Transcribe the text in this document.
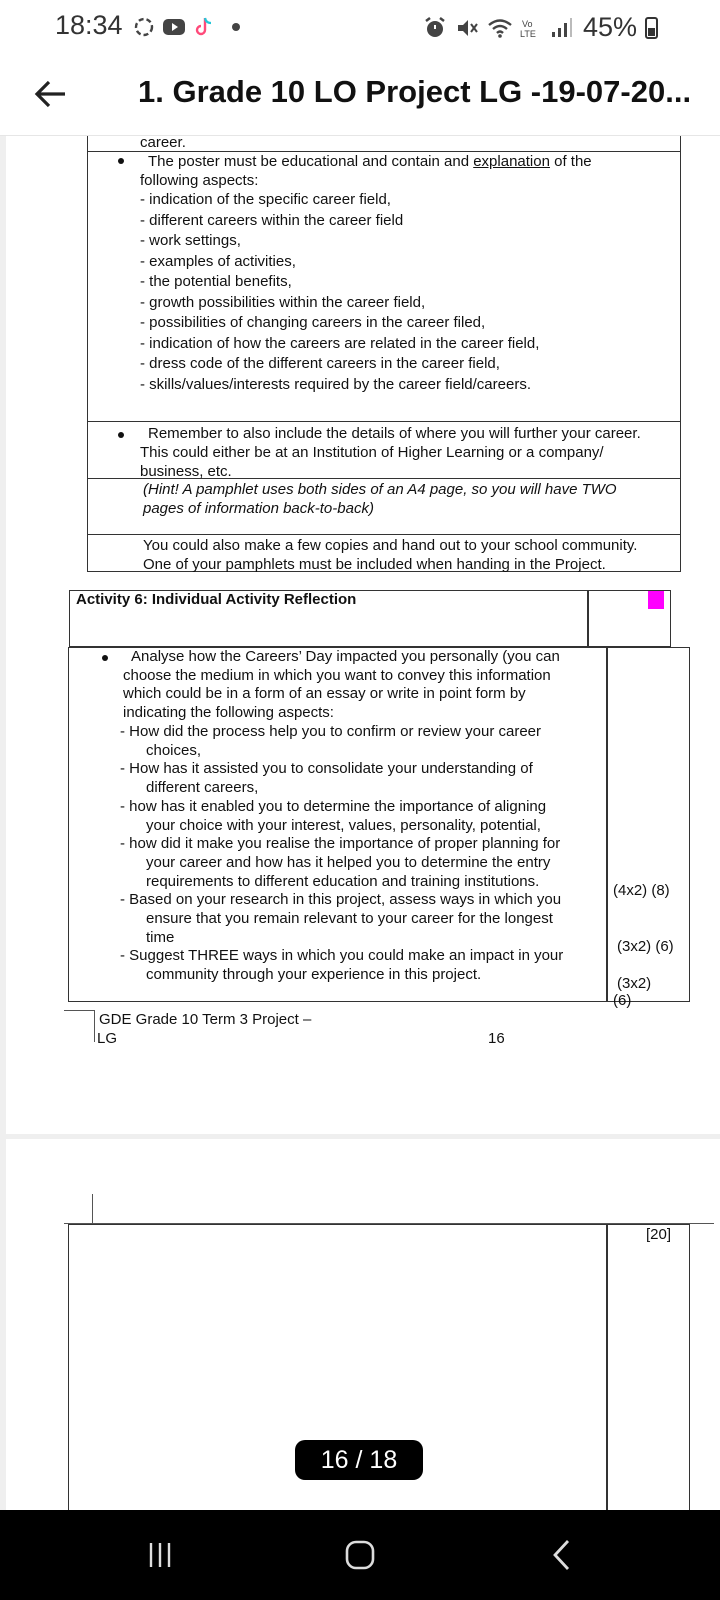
18:34	Vo
LTE 45%
1. Grade 10 LO Project LG -19-07-20...
career.
The poster must be educational and contain and explanation of the
following aspects:
- indication of the specific career field,
- different careers within the career field
- work settings,
- examples of activities,
- the potential benefits,
- growth possibilities within the career field,
- possibilities of changing careers in the career filed,
- indication of how the careers are related in the career field,
- dress code of the different careers in the career field,
- skills/values/interests required by the career field/careers.
Remember to also include the details of where you will further your career.
This could either be at an Institution of Higher Learning or a company/
business, etc.
(Hint! A pamphlet uses both sides of an A4 page, so you will have TWO
pages of information back-to-back)
You could also make a few copies and hand out to your school community.
One of your pamphlets must be included when handing in the Project.
Activity 6: Individual Activity Reflection
Analyse how the Careers’ Day impacted you personally (you can
choose the medium in which you want to convey this information
which could be in a form of an essay or write in point form by
indicating the following aspects:
- How did the process help you to confirm or review your career
choices,
- How has it assisted you to consolidate your understanding of
different careers,
- how has it enabled you to determine the importance of aligning
your choice with your interest, values, personality, potential,
- how did it make you realise the importance of proper planning for
your career and how has it helped you to determine the entry
requirements to different education and training institutions.
- Based on your research in this project, assess ways in which you
ensure that you remain relevant to your career for the longest
time
- Suggest THREE ways in which you could make an impact in your
community through your experience in this project.
(4x2) (8)
(3x2) (6)
(3x2)
(6)
GDE Grade 10 Term 3 Project –
LG	16
[20]
16 / 18
